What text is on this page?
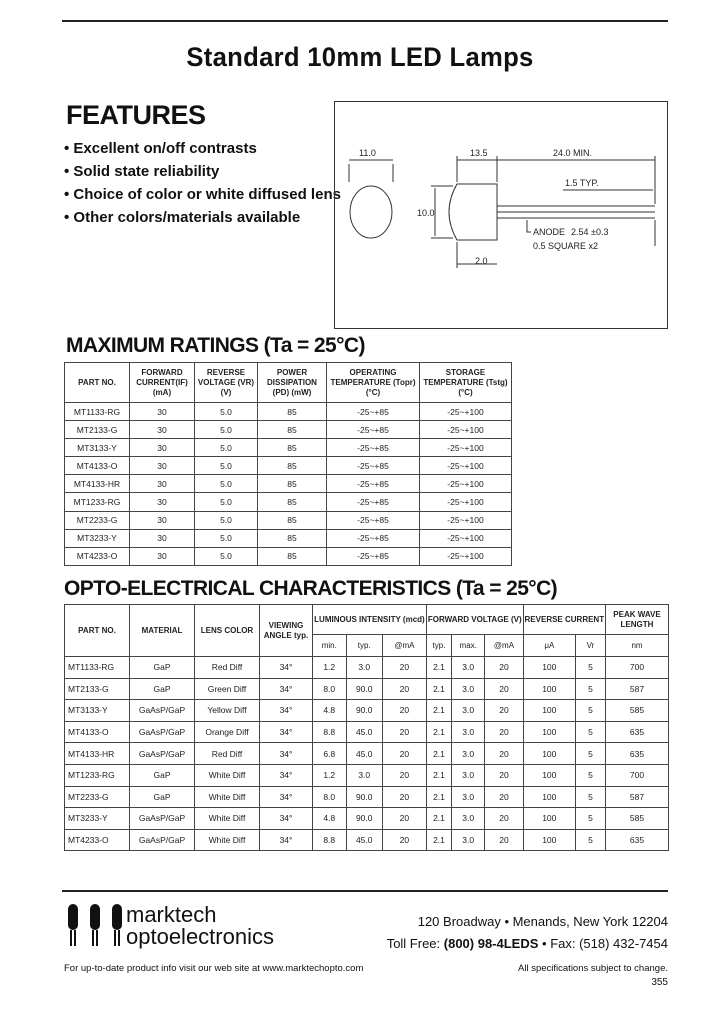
Standard 10mm LED Lamps
FEATURES
• Excellent on/off contrasts
• Solid state reliability
• Choice of color or white diffused lens
• Other colors/materials available
11.0	13.5	24.0 MIN.
1.5 TYP.
10.0
ANODE 2.54 ±0.3
0.5 SQUARE x2
2.0
MAXIMUM RATINGS (Ta = 25°C)
PART NO.	FORWARD CURRENT(IF) (mA)	REVERSE VOLTAGE (VR) (V)	POWER DISSIPATION (PD) (mW)	OPERATING TEMPERATURE (Topr) (°C)	STORAGE TEMPERATURE (Tstg) (°C)
MT1133-RG	30	5.0	85	-25~+85	-25~+100
MT2133-G	30	5.0	85	-25~+85	-25~+100
MT3133-Y	30	5.0	85	-25~+85	-25~+100
MT4133-O	30	5.0	85	-25~+85	-25~+100
MT4133-HR	30	5.0	85	-25~+85	-25~+100
MT1233-RG	30	5.0	85	-25~+85	-25~+100
MT2233-G	30	5.0	85	-25~+85	-25~+100
MT3233-Y	30	5.0	85	-25~+85	-25~+100
MT4233-O	30	5.0	85	-25~+85	-25~+100
OPTO-ELECTRICAL CHARACTERISTICS (Ta = 25°C)
PART NO.	MATERIAL	LENS COLOR	VIEWING ANGLE typ.	LUMINOUS INTENSITY (mcd)			FORWARD VOLTAGE (V)			REVERSE CURRENT		PEAK WAVE LENGTH
				min.	typ.	@mA	typ.	max.	@mA	μA	Vr	nm
MT1133-RG	GaP	Red Diff	34°	1.2	3.0	20	2.1	3.0	20	100	5	700
MT2133-G	GaP	Green Diff	34°	8.0	90.0	20	2.1	3.0	20	100	5	587
MT3133-Y	GaAsP/GaP	Yellow Diff	34°	4.8	90.0	20	2.1	3.0	20	100	5	585
MT4133-O	GaAsP/GaP	Orange Diff	34°	8.8	45.0	20	2.1	3.0	20	100	5	635
MT4133-HR	GaAsP/GaP	Red Diff	34°	6.8	45.0	20	2.1	3.0	20	100	5	635
MT1233-RG	GaP	White Diff	34°	1.2	3.0	20	2.1	3.0	20	100	5	700
MT2233-G	GaP	White Diff	34°	8.0	90.0	20	2.1	3.0	20	100	5	587
MT3233-Y	GaAsP/GaP	White Diff	34°	4.8	90.0	20	2.1	3.0	20	100	5	585
MT4233-O	GaAsP/GaP	White Diff	34°	8.8	45.0	20	2.1	3.0	20	100	5	635
marktech
optoelectronics
120 Broadway • Menands, New York 12204
Toll Free: (800) 98-4LEDS • Fax: (518) 432-7454
For up-to-date product info visit our web site at www.marktechopto.com	All specifications subject to change.
355
